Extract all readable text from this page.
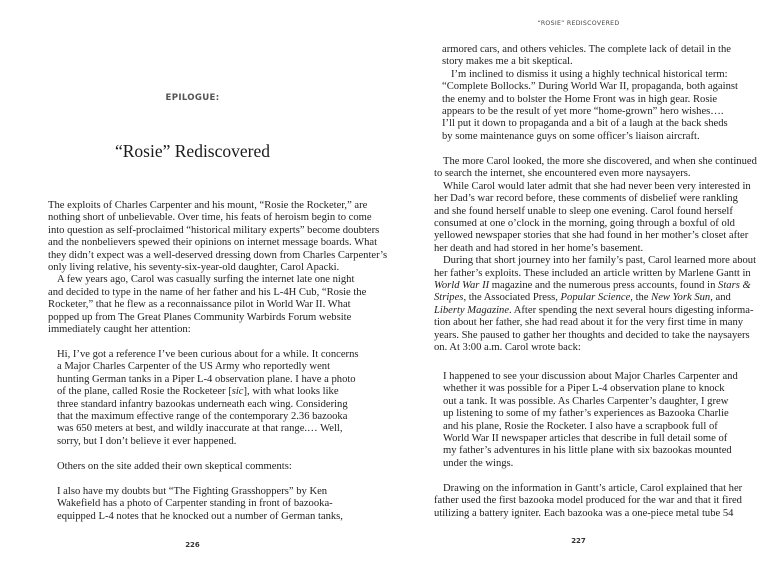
EPILOGUE:
“Rosie” Rediscovered
The exploits of Charles Carpenter and his mount, “Rosie the Rocketer,” are
nothing short of unbelievable. Over time, his feats of heroism begin to come
into question as self-proclaimed “historical military experts” become doubters
and the nonbelievers spewed their opinions on internet message boards. What
they didn’t expect was a well-deserved dressing down from Charles Carpenter’s
only living relative, his seventy-six-year-old daughter, Carol Apacki.
A few years ago, Carol was casually surfing the internet late one night
and decided to type in the name of her father and his L-4H Cub, “Rosie the
Rocketer,” that he flew as a reconnaissance pilot in World War II. What
popped up from The Great Planes Community Warbirds Forum website
immediately caught her attention:
Hi, I’ve got a reference I’ve been curious about for a while. It concerns
a Major Charles Carpenter of the US Army who reportedly went
hunting German tanks in a Piper L-4 observation plane. I have a photo
of the plane, called Rosie the Rocketeer [sic], with what looks like
three standard infantry bazookas underneath each wing. Considering
that the maximum effective range of the contemporary 2.36 bazooka
was 650 meters at best, and wildly inaccurate at that range.… Well,
sorry, but I don’t believe it ever happened.
Others on the site added their own skeptical comments:
I also have my doubts but “The Fighting Grasshoppers” by Ken
Wakefield has a photo of Carpenter standing in front of bazooka-
equipped L-4 notes that he knocked out a number of German tanks,
226
“ROSIE” REDISCOVERED
armored cars, and others vehicles. The complete lack of detail in the
story makes me a bit skeptical.
I’m inclined to dismiss it using a highly technical historical term:
“Complete Bollocks.” During World War II, propaganda, both against
the enemy and to bolster the Home Front was in high gear. Rosie
appears to be the result of yet more “home-grown” hero wishes….
I’ll put it down to propaganda and a bit of a laugh at the back sheds
by some maintenance guys on some officer’s liaison aircraft.
The more Carol looked, the more she discovered, and when she continued
to search the internet, she encountered even more naysayers.
While Carol would later admit that she had never been very interested in
her Dad’s war record before, these comments of disbelief were rankling
and she found herself unable to sleep one evening. Carol found herself
consumed at one o’clock in the morning, going through a boxful of old
yellowed newspaper stories that she had found in her mother’s closet after
her death and had stored in her home’s basement.
During that short journey into her family’s past, Carol learned more about
her father’s exploits. These included an article written by Marlene Gantt in
World War II magazine and the numerous press accounts, found in Stars &
Stripes, the Associated Press, Popular Science, the New York Sun, and
Liberty Magazine. After spending the next several hours digesting informa-
tion about her father, she had read about it for the very first time in many
years. She paused to gather her thoughts and decided to take the naysayers
on. At 3:00 a.m. Carol wrote back:
I happened to see your discussion about Major Charles Carpenter and
whether it was possible for a Piper L-4 observation plane to knock
out a tank. It was possible. As Charles Carpenter’s daughter, I grew
up listening to some of my father’s experiences as Bazooka Charlie
and his plane, Rosie the Rocketer. I also have a scrapbook full of
World War II newspaper articles that describe in full detail some of
my father’s adventures in his little plane with six bazookas mounted
under the wings.
Drawing on the information in Gantt’s article, Carol explained that her
father used the first bazooka model produced for the war and that it fired
utilizing a battery igniter. Each bazooka was a one-piece metal tube 54
227
